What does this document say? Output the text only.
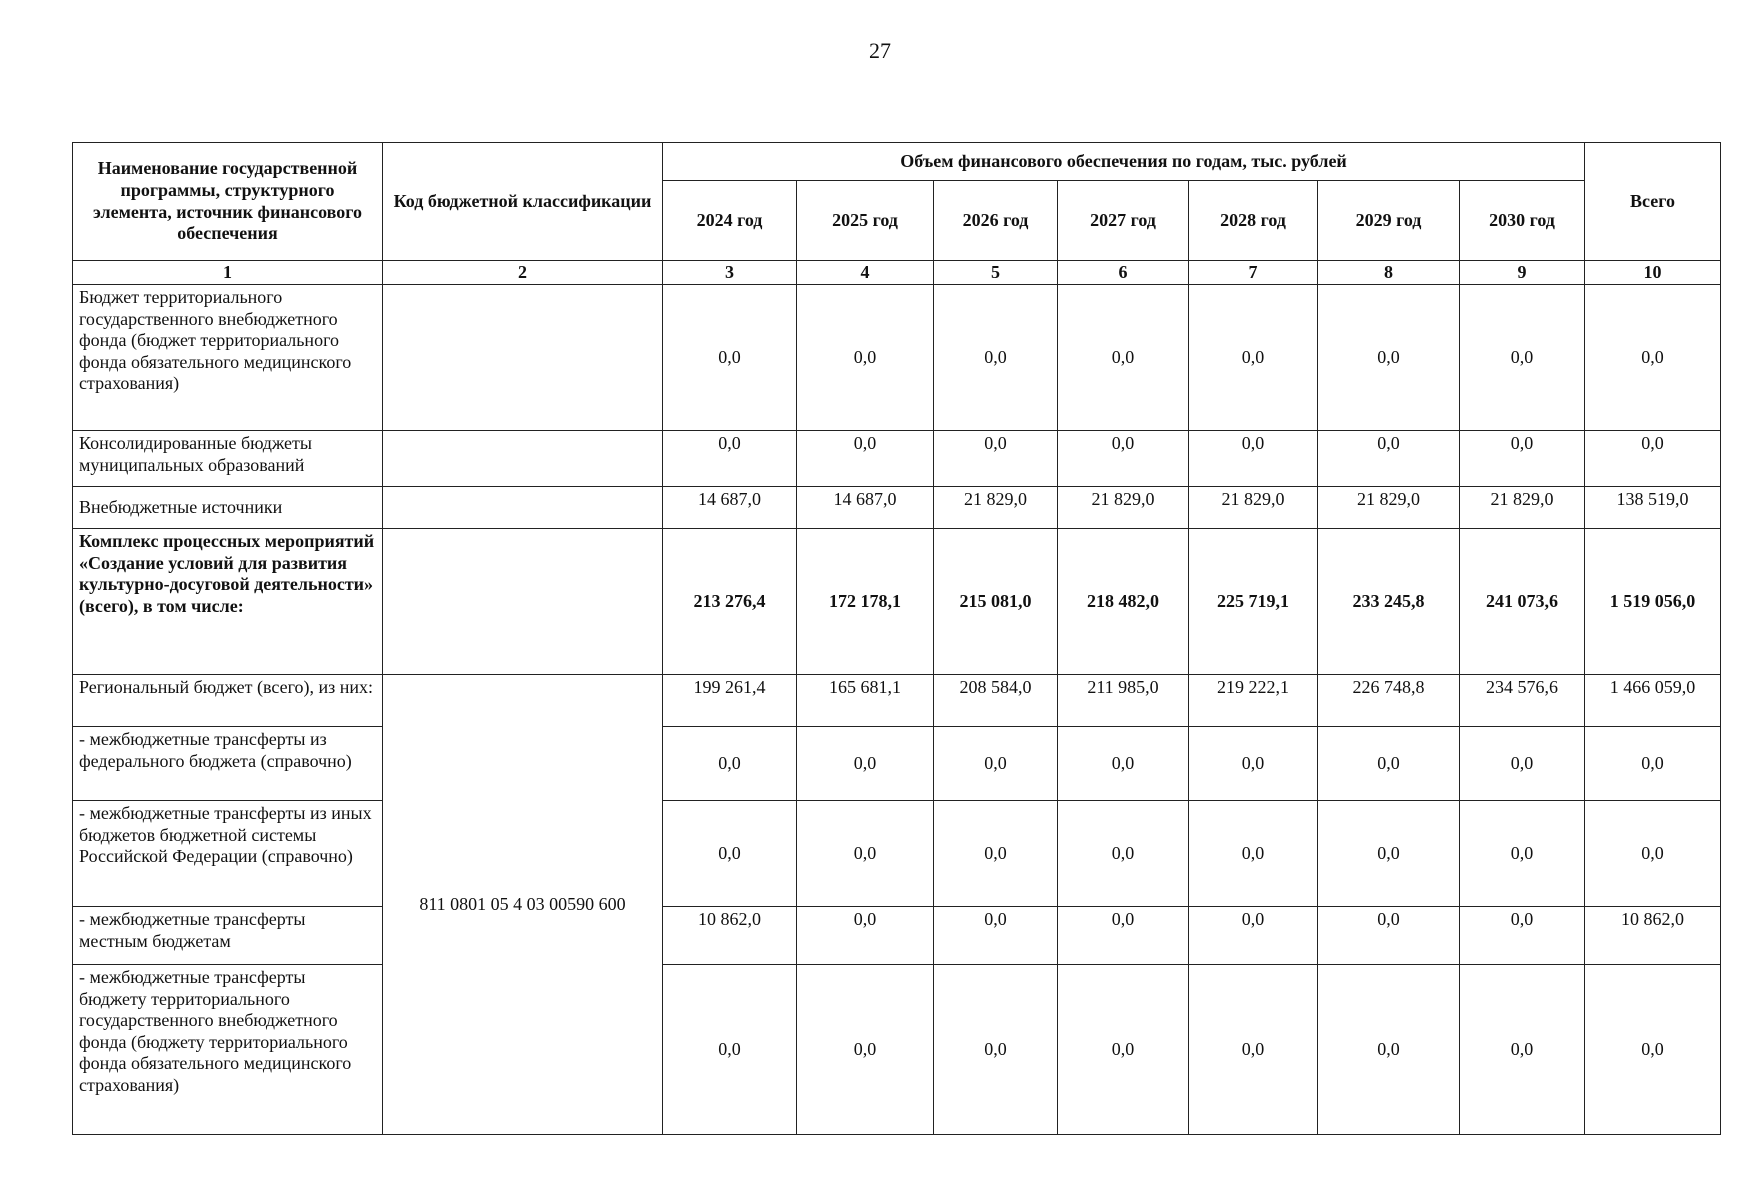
27
Наименование государственной программы, структурного элемента, источник финансового обеспечения	Код бюджетной классификации	Объем финансового обеспечения по годам, тыс. рублей							Всего
		2024 год	2025 год	2026 год	2027 год	2028 год	2029 год	2030 год	
1	2	3	4	5	6	7	8	9	10
Бюджет территориального государственного внебюджетного фонда (бюджет территориального фонда обязательного медицинского страхования)		0,0	0,0	0,0	0,0	0,0	0,0	0,0	0,0
Консолидированные бюджеты муниципальных образований		0,0	0,0	0,0	0,0	0,0	0,0	0,0	0,0
Внебюджетные источники		14 687,0	14 687,0	21 829,0	21 829,0	21 829,0	21 829,0	21 829,0	138 519,0
Комплекс процессных мероприятий «Создание условий для развития культурно-досуговой деятельности» (всего), в том числе:		213 276,4	172 178,1	215 081,0	218 482,0	225 719,1	233 245,8	241 073,6	1 519 056,0
Региональный бюджет (всего), из них:	811 0801 05 4 03 00590 600	199 261,4	165 681,1	208 584,0	211 985,0	219 222,1	226 748,8	234 576,6	1 466 059,0
- межбюджетные трансферты из федерального бюджета (справочно)		0,0	0,0	0,0	0,0	0,0	0,0	0,0	0,0
- межбюджетные трансферты из иных бюджетов бюджетной системы Российской Федерации (справочно)		0,0	0,0	0,0	0,0	0,0	0,0	0,0	0,0
- межбюджетные трансферты местным бюджетам		10 862,0	0,0	0,0	0,0	0,0	0,0	0,0	10 862,0
- межбюджетные трансферты бюджету территориального государственного внебюджетного фонда (бюджету территориального фонда обязательного медицинского страхования)		0,0	0,0	0,0	0,0	0,0	0,0	0,0	0,0
